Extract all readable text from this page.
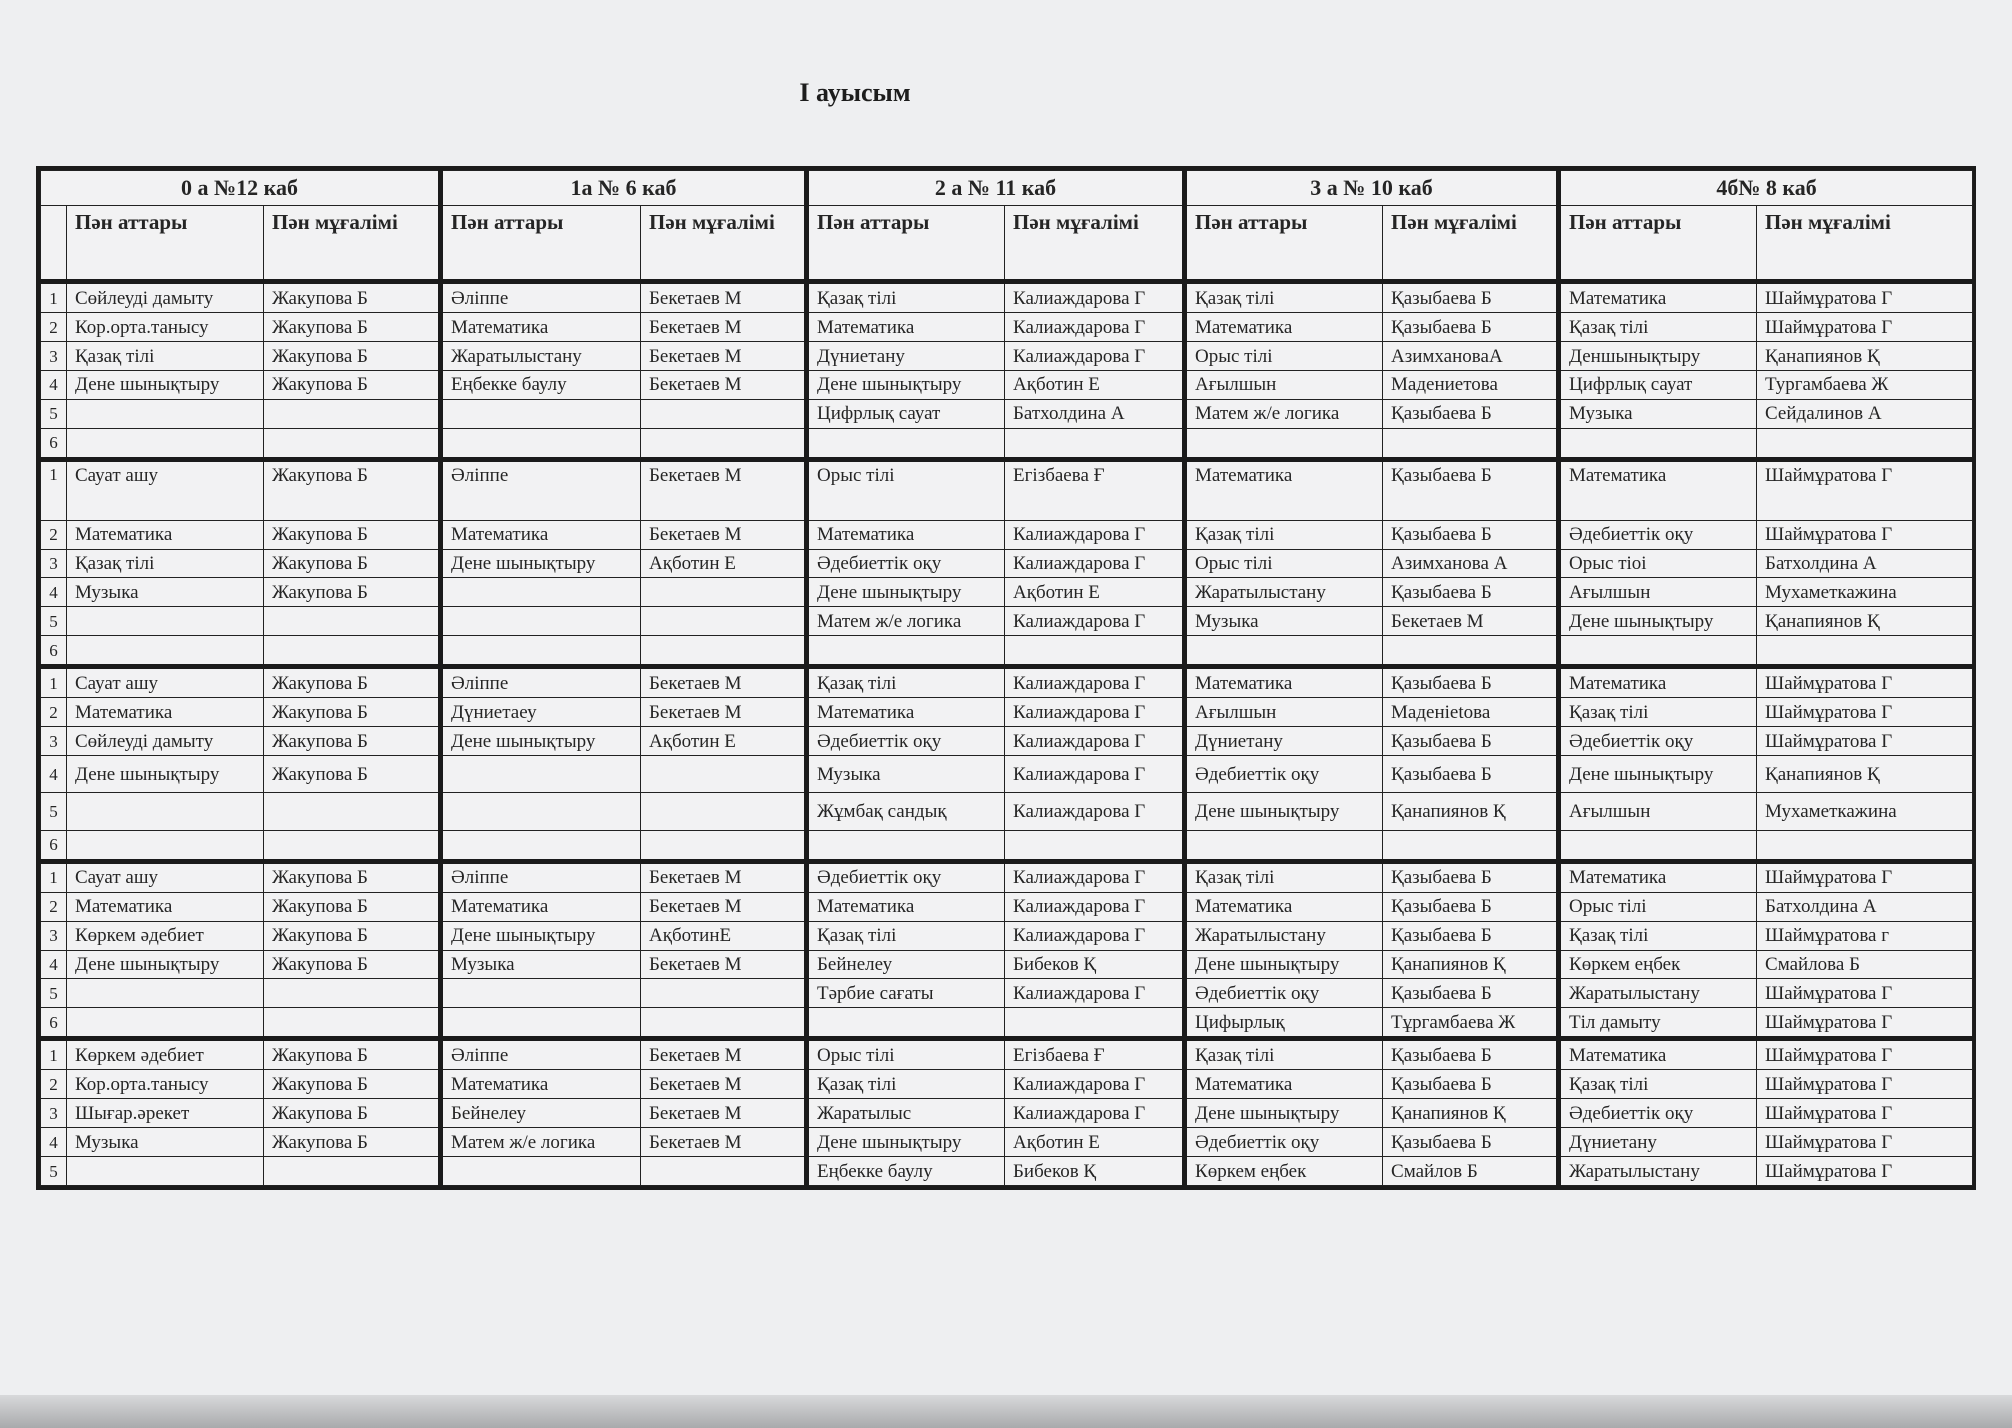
I ауысым
0 а №12 каб			1а № 6 каб		2 а № 11 каб		3 а № 10 каб		4б№ 8 каб	
	Пән аттары	Пән мұғалімі	Пән аттары	Пән мұғалімі	Пән аттары	Пән мұғалімі	Пән аттары	Пән мұғалімі	Пән аттары	Пән мұғалімі
1	Сөйлеуді дамыту	Жакупова Б	Әліппе	Бекетаев М	Қазақ тілі	Калиаждарова Г	Қазақ тілі	Қазыбаева Б	Математика	Шаймұратова Г
2	Кор.орта.танысу	Жакупова Б	Математика	Бекетаев М	Математика	Калиаждарова Г	Математика	Қазыбаева Б	Қазақ тілі	Шаймұратова Г
3	Қазақ тілі	Жакупова Б	Жаратылыстану	Бекетаев М	Дүниетану	Калиаждарова Г	Орыс тілі	АзимхановаА	Деншынықтыру	Қанапиянов Қ
4	Дене шынықтыру	Жакупова Б	Еңбекке баулу	Бекетаев М	Дене шынықтыру	Ақботин Е	Ағылшын	Мадениетова	Цифрлық сауат	Тургамбаева Ж
5					Цифрлық сауат	Батхолдина А	Матем ж/е логика	Қазыбаева Б	Музыка	Сейдалинов А
6										
1	Сауат ашу	Жакупова Б	Әліппе	Бекетаев М	Орыс тілі	Егізбаева Ғ	Математика	Қазыбаева Б	Математика	Шаймұратова Г
2	Математика	Жакупова Б	Математика	Бекетаев М	Математика	Калиаждарова Г	Қазақ тілі	Қазыбаева Б	Әдебиеттік оқу	Шаймұратова Г
3	Қазақ тілі	Жакупова Б	Дене шынықтыру	Ақботин Е	Әдебиеттік оқу	Калиаждарова Г	Орыс тілі	Азимханова А	Орыс тіоі	Батхолдина А
4	Музыка	Жакупова Б			Дене шынықтыру	Ақботин Е	Жаратылыстану	Қазыбаева Б	Ағылшын	Мухаметкажина
5					Матем ж/е логика	Калиаждарова Г	Музыка	Бекетаев М	Дене шынықтыру	Қанапиянов Қ
6										
1	Сауат ашу	Жакупова Б	Әліппе	Бекетаев М	Қазақ тілі	Калиаждарова Г	Математика	Қазыбаева Б	Математика	Шаймұратова Г
2	Математика	Жакупова Б	Дүниетаеу	Бекетаев М	Математика	Калиаждарова Г	Ағылшын	Маденietова	Қазақ тілі	Шаймұратова Г
3	Сөйлеуді дамыту	Жакупова Б	Дене шынықтыру	Ақботин Е	Әдебиеттік оқу	Калиаждарова Г	Дүниетану	Қазыбаева Б	Әдебиеттік оқу	Шаймұратова Г
4	Дене шынықтыру	Жакупова Б			Музыка	Калиаждарова Г	Әдебиеттік оқу	Қазыбаева Б	Дене шынықтыру	Қанапиянов Қ
5					Жұмбақ сандық	Калиаждарова Г	Дене шынықтыру	Қанапиянов Қ	Ағылшын	Мухаметкажина
6										
1	Сауат ашу	Жакупова Б	Әліппе	Бекетаев М	Әдебиеттік оқу	Калиаждарова Г	Қазақ тілі	Қазыбаева Б	Математика	Шаймұратова Г
2	Математика	Жакупова Б	Математика	Бекетаев М	Математика	Калиаждарова Г	Математика	Қазыбаева Б	Орыс тілі	Батхолдина А
3	Көркем әдебиет	Жакупова Б	Дене шынықтыру	АқботинЕ	Қазақ тілі	Калиаждарова Г	Жаратылыстану	Қазыбаева Б	Қазақ тілі	Шаймұратова г
4	Дене шынықтыру	Жакупова Б	Музыка	Бекетаев М	Бейнелеу	Бибеков Қ	Дене шынықтыру	Қанапиянов Қ	Көркем еңбек	Смайлова Б
5					Тәрбие сағаты	Калиаждарова Г	Әдебиеттік оқу	Қазыбаева Б	Жаратылыстану	Шаймұратова Г
6							Цифырлық	Тұргамбаева Ж	Тіл дамыту	Шаймұратова Г
1	Көркем әдебиет	Жакупова Б	Әліппе	Бекетаев М	Орыс тілі	Егізбаева Ғ	Қазақ тілі	Қазыбаева Б	Математика	Шаймұратова Г
2	Кор.орта.танысу	Жакупова Б	Математика	Бекетаев М	Қазақ тілі	Калиаждарова Г	Математика	Қазыбаева Б	Қазақ тілі	Шаймұратова Г
3	Шығар.әрекет	Жакупова Б	Бейнелеу	Бекетаев М	Жаратылыс	Калиаждарова Г	Дене шынықтыру	Қанапиянов Қ	Әдебиеттік оқу	Шаймұратова Г
4	Музыка	Жакупова Б	Матем ж/е логика	Бекетаев М	Дене шынықтыру	Ақботин Е	Әдебиеттік оқу	Қазыбаева Б	Дүниетану	Шаймұратова Г
5					Еңбекке баулу	Бибеков Қ	Көркем еңбек	Смайлов Б	Жаратылыстану	Шаймұратова Г
